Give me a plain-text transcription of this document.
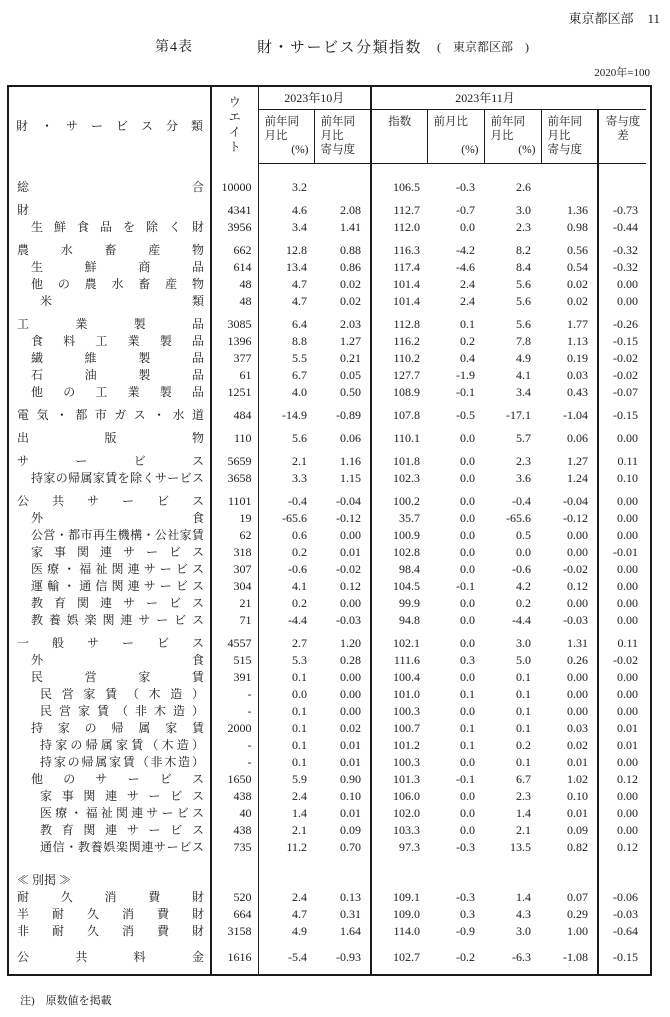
東京都区部 11
第4表	財・サービス分類指数 (　東京都区部　)
2020年=100
財 ・ サ ー ビ ス 分 類	ウ
エ
イ
ト	2023年10月		2023年11月				

前年同
月比
(%)

前年同
月比
寄与度

指数	前月比
(%)

前年同
月比
(%)

前年同
月比
寄与度

寄与度差

総 合	10000	3.2		106.5	-0.3	2.6		
財	4341	4.6	2.08	112.7	-0.7	3.0	1.36	-0.73
生 鮮 食 品 を 除 く 財	3956	3.4	1.41	112.0	0.0	2.3	0.98	-0.44
農 水 畜 産 物	662	12.8	0.88	116.3	-4.2	8.2	0.56	-0.32
生 鮮 商 品	614	13.4	0.86	117.4	-4.6	8.4	0.54	-0.32
他 の 農 水 畜 産 物	48	4.7	0.02	101.4	2.4	5.6	0.02	0.00
米 類	48	4.7	0.02	101.4	2.4	5.6	0.02	0.00
工 業 製 品	3085	6.4	2.03	112.8	0.1	5.6	1.77	-0.26
食 料 工 業 製 品	1396	8.8	1.27	116.2	0.2	7.8	1.13	-0.15
繊 維 製 品	377	5.5	0.21	110.2	0.4	4.9	0.19	-0.02
石 油 製 品	61	6.7	0.05	127.7	-1.9	4.1	0.03	-0.02
他 の 工 業 製 品	1251	4.0	0.50	108.9	-0.1	3.4	0.43	-0.07
電 気 ・ 都 市 ガ ス ・ 水 道	484	-14.9	-0.89	107.8	-0.5	-17.1	-1.04	-0.15
出 版 物	110	5.6	0.06	110.1	0.0	5.7	0.06	0.00
サ ー ビ ス	5659	2.1	1.16	101.8	0.0	2.3	1.27	0.11
持家の帰属家賃を除くサービス	3658	3.3	1.15	102.3	0.0	3.6	1.24	0.10
公 共 サ ー ビ ス	1101	-0.4	-0.04	100.2	0.0	-0.4	-0.04	0.00
外 食	19	-65.6	-0.12	35.7	0.0	-65.6	-0.12	0.00
公営・都市再生機構・公社家賃	62	0.6	0.00	100.9	0.0	0.5	0.00	0.00
家 事 関 連 サ ー ビ ス	318	0.2	0.01	102.8	0.0	0.0	0.00	-0.01
医療・福祉関連サービス	307	-0.6	-0.02	98.4	0.0	-0.6	-0.02	0.00
運輸・通信関連サービス	304	4.1	0.12	104.5	-0.1	4.2	0.12	0.00
教 育 関 連 サ ー ビ ス	21	0.2	0.00	99.9	0.0	0.2	0.00	0.00
教 養 娯 楽 関 連 サ ー ビ ス	71	-4.4	-0.03	94.8	0.0	-4.4	-0.03	0.00
一 般 サ ー ビ ス	4557	2.7	1.20	102.1	0.0	3.0	1.31	0.11
外 食	515	5.3	0.28	111.6	0.3	5.0	0.26	-0.02
民 営 家 賃	391	0.1	0.00	100.4	0.0	0.1	0.00	0.00
民 営 家 賃 （ 木 造 ）	-	0.0	0.00	101.0	0.1	0.1	0.00	0.00
民 営 家 賃 （ 非 木 造 ）	-	0.1	0.00	100.3	0.0	0.1	0.00	0.00
持 家 の 帰 属 家 賃	2000	0.1	0.02	100.7	0.1	0.1	0.03	0.01
持家の帰属家賃（木造）	-	0.1	0.01	101.2	0.1	0.2	0.02	0.01
持家の帰属家賃（非木造）	-	0.1	0.01	100.3	0.0	0.1	0.01	0.00
他 の サ ー ビ ス	1650	5.9	0.90	101.3	-0.1	6.7	1.02	0.12
家 事 関 連 サ ー ビ ス	438	2.4	0.10	106.0	0.0	2.3	0.10	0.00
医療・福祉関連サービス	40	1.4	0.01	102.0	0.0	1.4	0.01	0.00
教 育 関 連 サ ー ビ ス	438	2.1	0.09	103.3	0.0	2.1	0.09	0.00
通信・教養娯楽関連サービス	735	11.2	0.70	97.3	-0.3	13.5	0.82	0.12
≪ 別掲 ≫								
耐 久 消 費 財	520	2.4	0.13	109.1	-0.3	1.4	0.07	-0.06
半 耐 久 消 費 財	664	4.7	0.31	109.0	0.3	4.3	0.29	-0.03
非 耐 久 消 費 財	3158	4.9	1.64	114.0	-0.9	3.0	1.00	-0.64
公 共 料 金	1616	-5.4	-0.93	102.7	-0.2	-6.3	-1.08	-0.15
注)　原数値を掲載
